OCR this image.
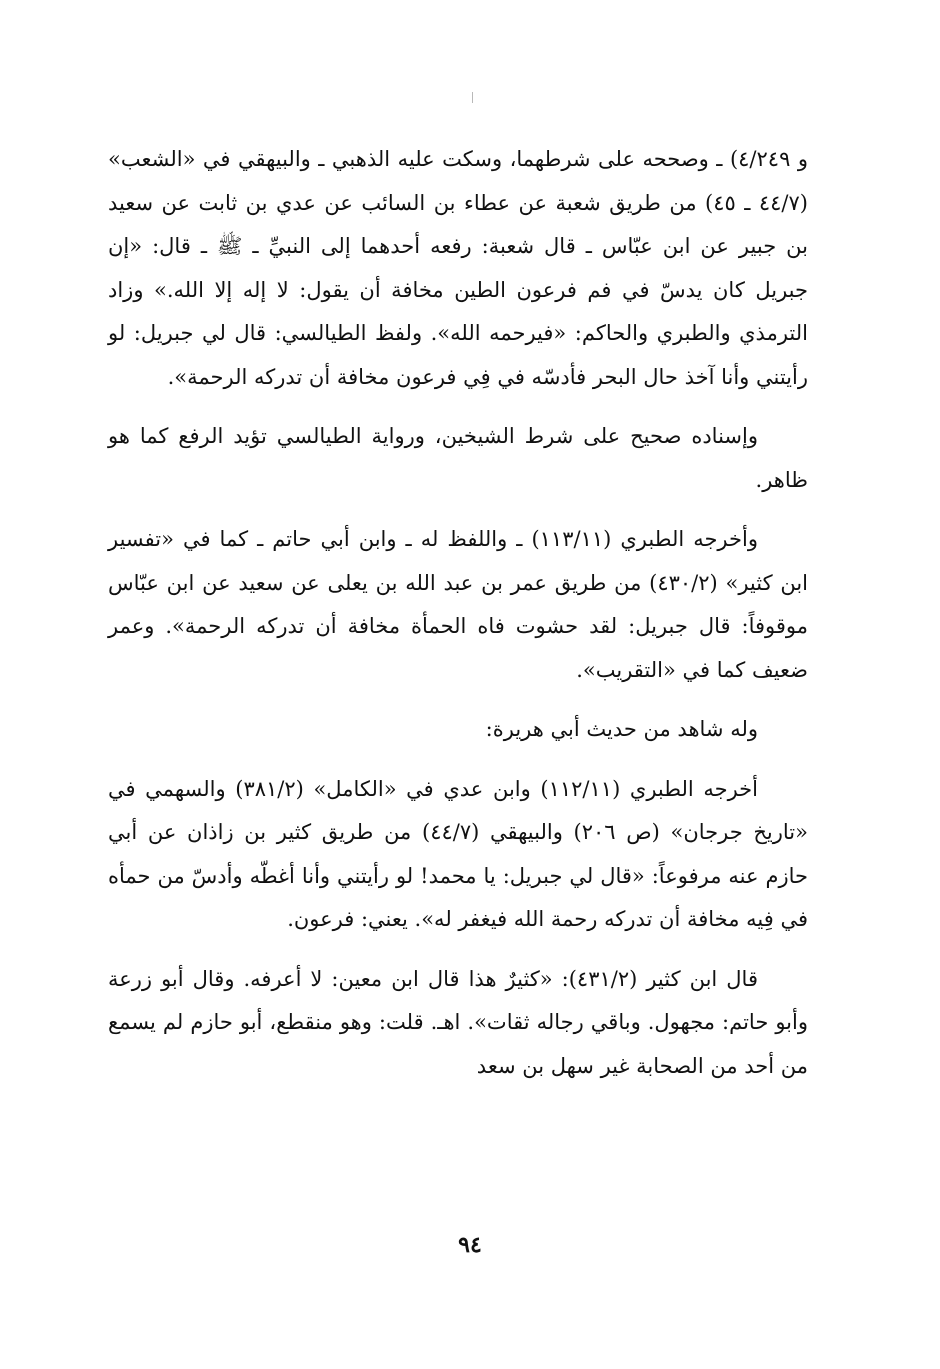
و ٤/٢٤٩) ـ وصححه على شرطهما، وسكت عليه الذهبي ـ والبيهقي في «الشعب» (٤٤/٧ ـ ٤٥) من طريق شعبة عن عطاء بن السائب عن عدي بن ثابت عن سعيد بن جبير عن ابن عبّاس ـ قال شعبة: رفعه أحدهما إلى النبيِّ ـ ﷺ ـ قال: «إن جبريل كان يدسّ في فم فرعون الطين مخافة أن يقول: لا إله إلا الله.» وزاد الترمذي والطبري والحاكم: «فيرحمه الله». ولفظ الطيالسي: قال لي جبريل: لو رأيتني وأنا آخذ حال البحر فأدسّه في فِي فرعون مخافة أن تدركه الرحمة».

وإسناده صحيح على شرط الشيخين، ورواية الطيالسي تؤيد الرفع كما هو ظاهر.

وأخرجه الطبري (١١٣/١١) ـ واللفظ له ـ وابن أبي حاتم ـ كما في «تفسير ابن كثير» (٤٣٠/٢) من طريق عمر بن عبد الله بن يعلى عن سعيد عن ابن عبّاس موقوفاً: قال جبريل: لقد حشوت فاه الحمأة مخافة أن تدركه الرحمة». وعمر ضعيف كما في «التقريب».

وله شاهد من حديث أبي هريرة:

أخرجه الطبري (١١٢/١١) وابن عدي في «الكامل» (٣٨١/٢) والسهمي في «تاريخ جرجان» (ص ٢٠٦) والبيهقي (٤٤/٧) من طريق كثير بن زاذان عن أبي حازم عنه مرفوعاً: «قال لي جبريل: يا محمد! لو رأيتني وأنا أغطّه وأدسّ من حمأه في فِيه مخافة أن تدركه رحمة الله فيغفر له». يعني: فرعون.

قال ابن كثير (٤٣١/٢): «كثيرٌ هذا قال ابن معين: لا أعرفه. وقال أبو زرعة وأبو حاتم: مجهول. وباقي رجاله ثقات». اهـ. قلت: وهو منقطع، أبو حازم لم يسمع من أحد من الصحابة غير سهل بن سعد

٩٤
